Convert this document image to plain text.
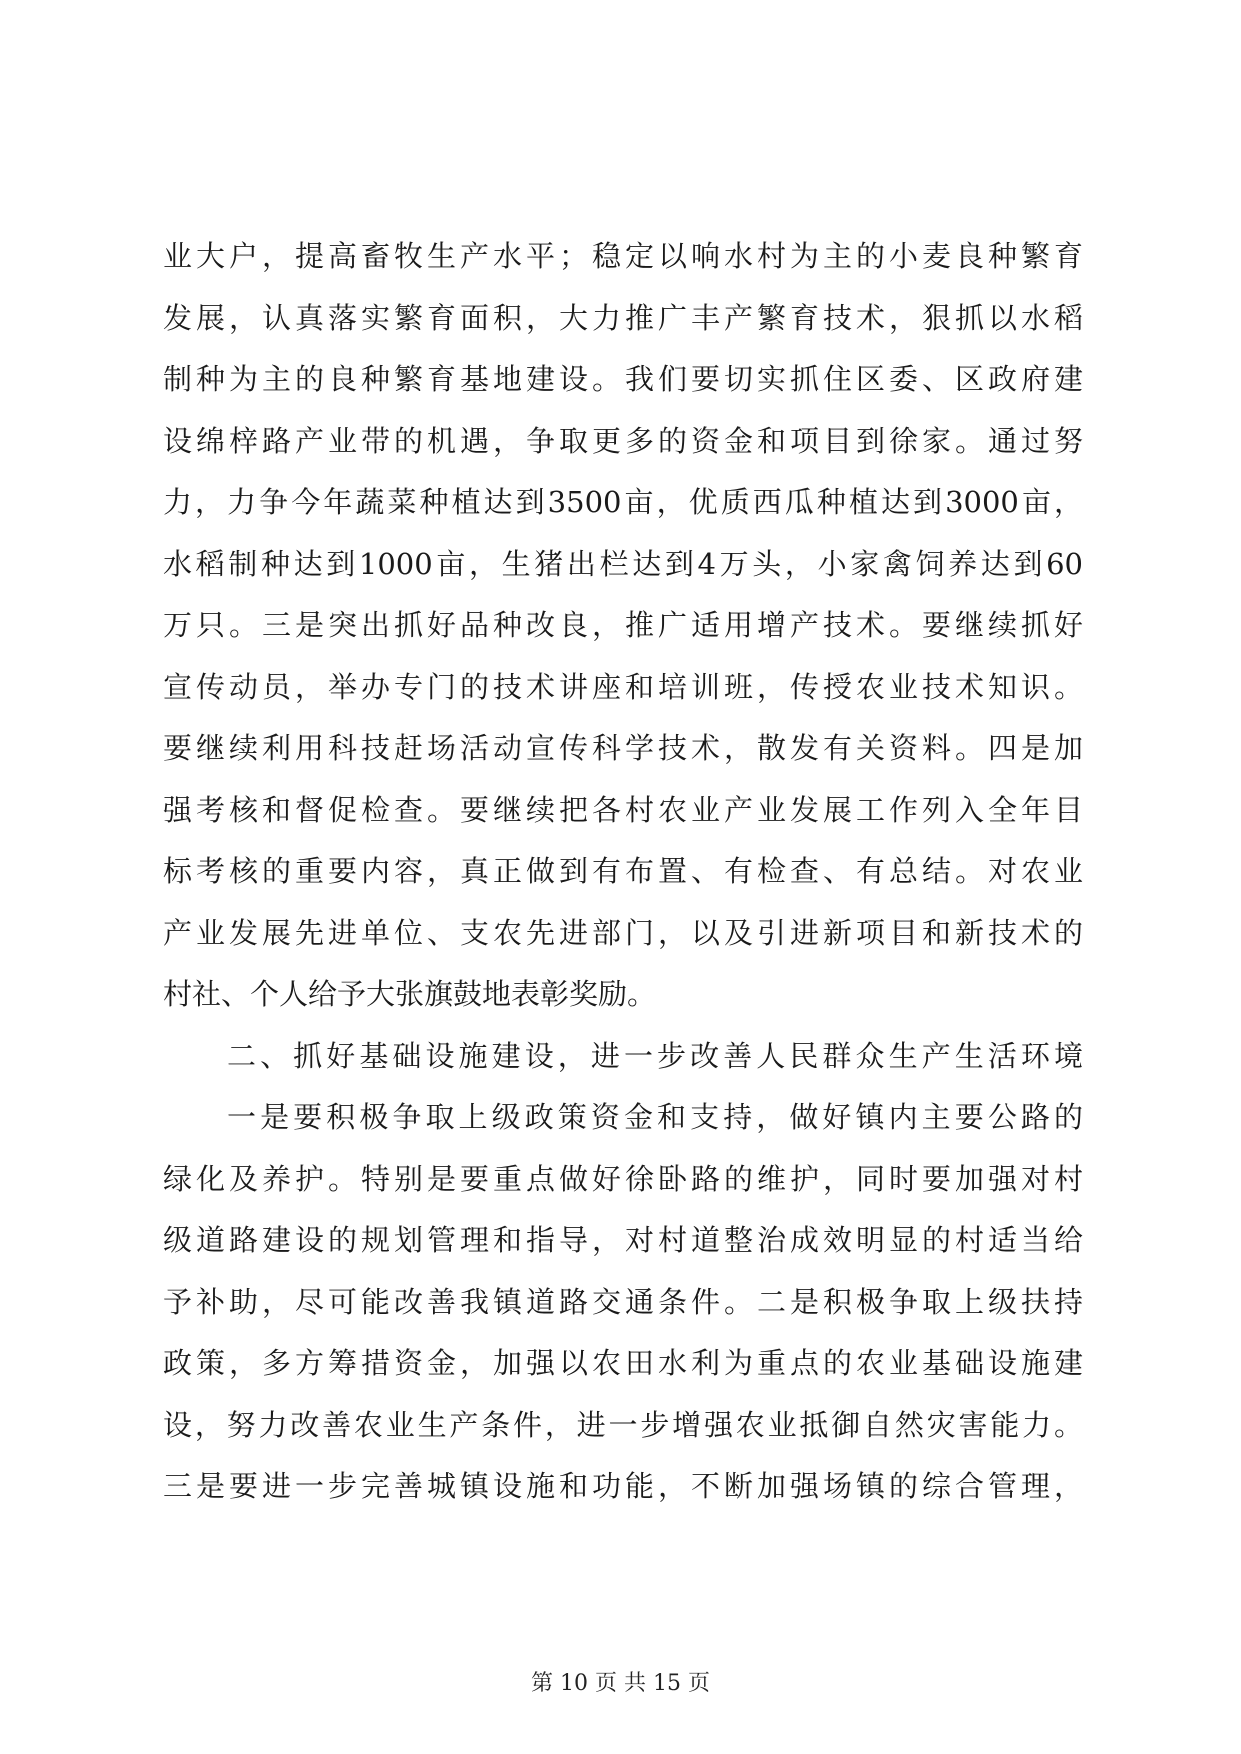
业大户，提高畜牧生产水平；稳定以响水村为主的小麦良种繁育
发展，认真落实繁育面积，大力推广丰产繁育技术，狠抓以水稻
制种为主的良种繁育基地建设。我们要切实抓住区委、区政府建
设绵梓路产业带的机遇，争取更多的资金和项目到徐家。通过努
力，力争今年蔬菜种植达到3500亩，优质西瓜种植达到3000亩，
水稻制种达到1000亩，生猪出栏达到4万头，小家禽饲养达到60
万只。三是突出抓好品种改良，推广适用增产技术。要继续抓好
宣传动员，举办专门的技术讲座和培训班，传授农业技术知识。
要继续利用科技赶场活动宣传科学技术，散发有关资料。四是加
强考核和督促检查。要继续把各村农业产业发展工作列入全年目
标考核的重要内容，真正做到有布置、有检查、有总结。对农业
产业发展先进单位、支农先进部门，以及引进新项目和新技术的
村社、个人给予大张旗鼓地表彰奖励。
二、抓好基础设施建设，进一步改善人民群众生产生活环境
一是要积极争取上级政策资金和支持，做好镇内主要公路的
绿化及养护。特别是要重点做好徐卧路的维护，同时要加强对村
级道路建设的规划管理和指导，对村道整治成效明显的村适当给
予补助，尽可能改善我镇道路交通条件。二是积极争取上级扶持
政策，多方筹措资金，加强以农田水利为重点的农业基础设施建
设，努力改善农业生产条件，进一步增强农业抵御自然灾害能力。
三是要进一步完善城镇设施和功能，不断加强场镇的综合管理，
第 10 页 共 15 页
